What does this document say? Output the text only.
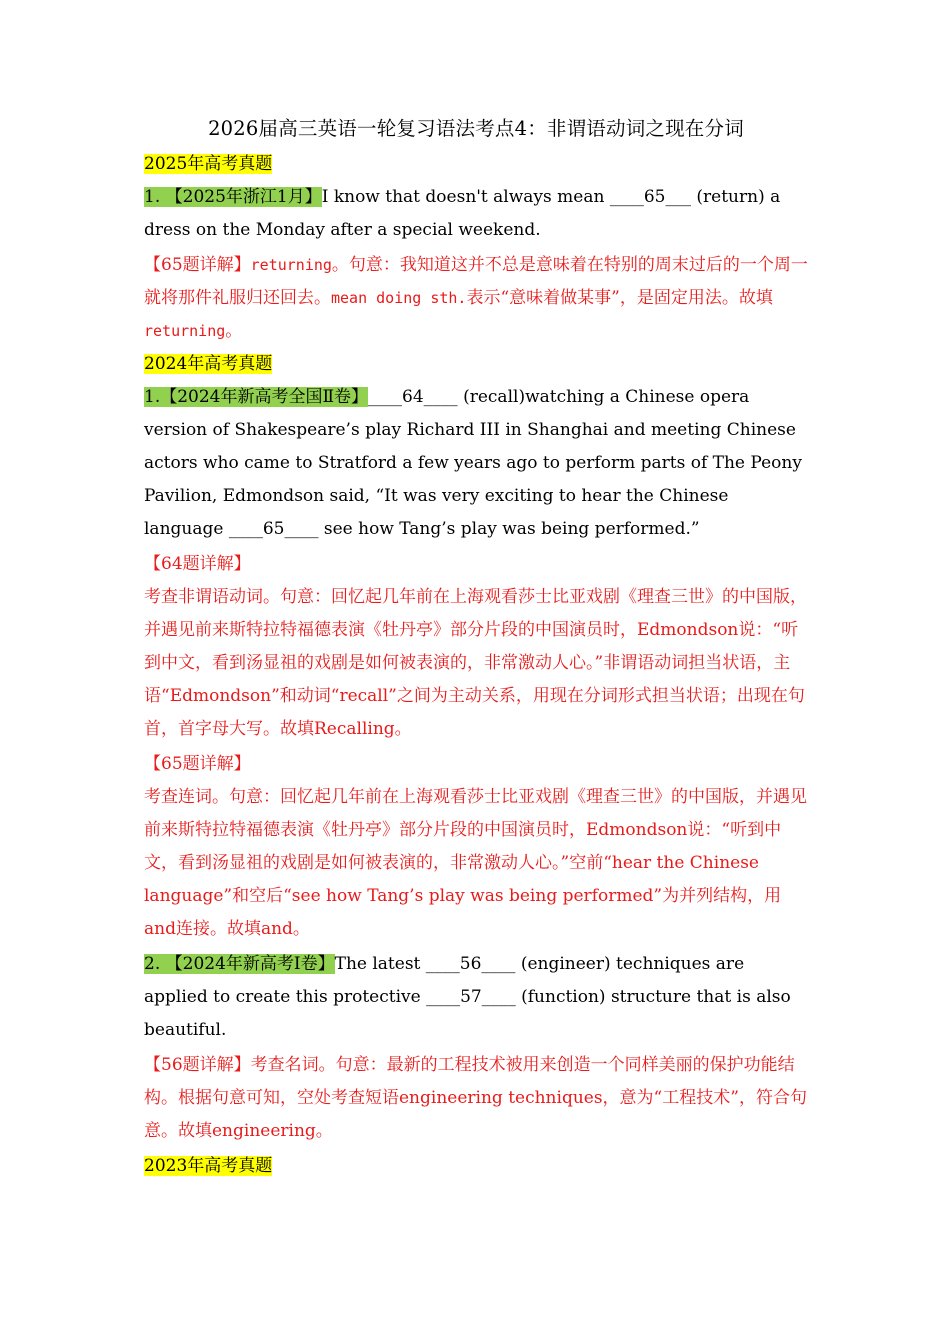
2026届高三英语一轮复习语法考点4：非谓语动词之现在分词

2025年高考真题

1. 【2025年浙江1月】I know that doesn't always mean ____65___ (return) a dress on the Monday after a special weekend.

【65题详解】returning。句意：我知道这并不总是意味着在特别的周末过后的一个周一就将那件礼服归还回去。mean doing sth.表示“意味着做某事”，是固定用法。故填 returning。

2024年高考真题

1.【2024年新高考全国Ⅱ卷】____64____ (recall)watching a Chinese opera version of Shakespeare’s play Richard III in Shanghai and meeting Chinese actors who came to Stratford a few years ago to perform parts of The Peony Pavilion, Edmondson said, “It was very exciting to hear the Chinese language ____65____ see how Tang’s play was being performed.”

【64题详解】

考查非谓语动词。句意：回忆起几年前在上海观看莎士比亚戏剧《理查三世》的中国版，并遇见前来斯特拉特福德表演《牡丹亭》部分片段的中国演员时，Edmondson说：“听到中文，看到汤显祖的戏剧是如何被表演的，非常激动人心。”非谓语动词担当状语，主语“Edmondson”和动词“recall”之间为主动关系，用现在分词形式担当状语；出现在句首，首字母大写。故填Recalling。

【65题详解】

考查连词。句意：回忆起几年前在上海观看莎士比亚戏剧《理查三世》的中国版，并遇见前来斯特拉特福德表演《牡丹亭》部分片段的中国演员时，Edmondson说：“听到中文，看到汤显祖的戏剧是如何被表演的，非常激动人心。”空前“hear the Chinese language”和空后“see how Tang’s play was being performed”为并列结构，用and连接。故填and。

2. 【2024年新高考I卷】The latest ____56____ (engineer) techniques are applied to create this protective ____57____ (function) structure that is also beautiful.

【56题详解】考查名词。句意：最新的工程技术被用来创造一个同样美丽的保护功能结构。根据句意可知，空处考查短语engineering techniques，意为“工程技术”，符合句意。故填engineering。

2023年高考真题
